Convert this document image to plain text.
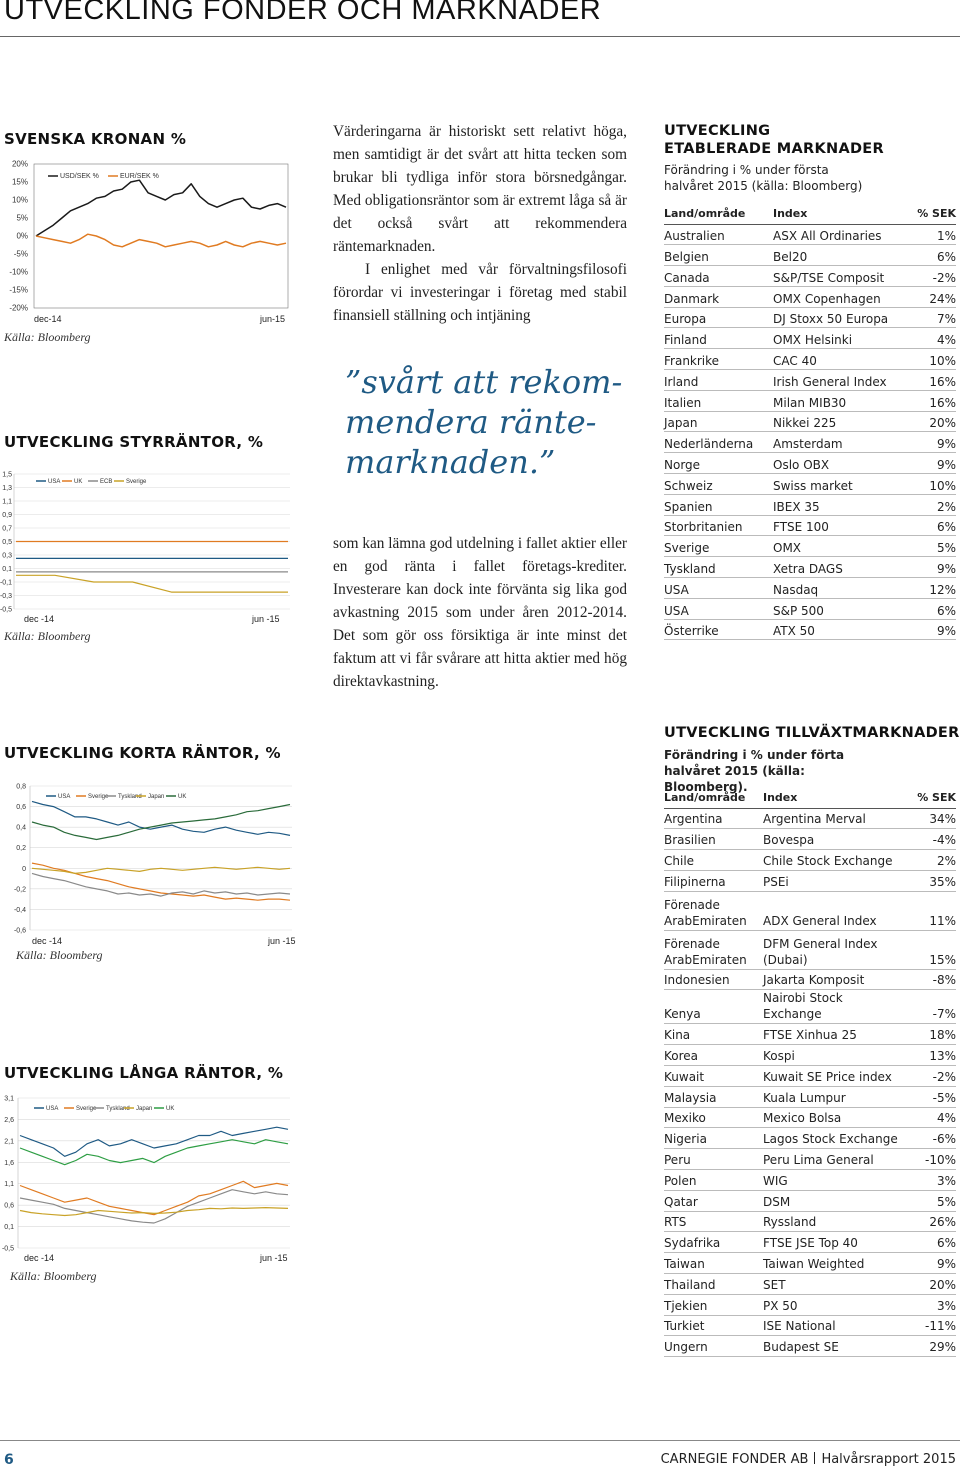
UTVECKLING FONDER OCH MARKNADER
SVENSKA KRONAN %
20%
15%
10%
5%
0%
-5%
-10%
-15%
-20%
dec-14	jun-15
USD/SEK %	EUR/SEK %
Källa: Bloomberg
UTVECKLING STYRRÄNTOR, %
1,5
1,3
1,1
0,9
0,7
0,5
0,3
0,1
-0,1
-0,3
-0,5
dec -14	jun -15
USA UK	ECB Sverige
Källa: Bloomberg
UTVECKLING KORTA RÄNTOR, %
0,8
0,6
0,4
0,2
0
-0,2
-0,4
-0,6
dec -14	jun -15
USA	Sverige Tyskland Japan UK
Källa: Bloomberg
UTVECKLING LÅNGA RÄNTOR, %
3,1
2,6
2,1
1,6
1,1
0,6
0,1
-0,5
dec -14	jun -15
USA	Sverige Tyskland Japan UK
Källa: Bloomberg

Värderingarna är historiskt sett relativt höga, men samtidigt är det svårt att hitta tecken som brukar bli tydliga inför stora börsnedgångar. Med obligationsräntor som är extremt låga så är det också svårt att rekommendera räntemarknaden.

I enlighet med vår förvaltningsfilosofi förordar vi investeringar i företag med stabil finansiell ställning och intjäning

”svårt att rekom-mendera ränte-marknaden.”

som kan lämna god utdelning i fallet aktier eller en god ränta i fallet företags-krediter. Investerare kan dock inte förvänta sig lika god avkastning 2015 som under åren 2012-2014. Det som gör oss försiktiga är inte minst det faktum att vi får svårare att hitta aktier med hög direktavkastning.

UTVECKLING
ETABLERADE MARKNADER
Förändring i % under första halvåret 2015 (källa: Bloomberg)
Land/område	Index	% SEK
Australien	ASX All Ordinaries	1%
Belgien	Bel20	6%
Canada	S&P/TSE Composit	-2%
Danmark	OMX Copenhagen	24%
Europa	DJ Stoxx 50 Europa	7%
Finland	OMX Helsinki	4%
Frankrike	CAC 40	10%
Irland	Irish General Index	16%
Italien	Milan MIB30	16%
Japan	Nikkei 225	20%
Nederländerna	Amsterdam	9%
Norge	Oslo OBX	9%
Schweiz	Swiss market	10%
Spanien	IBEX 35	2%
Storbritanien	FTSE 100	6%
Sverige	OMX	5%
Tyskland	Xetra DAGS	9%
USA	Nasdaq	12%
USA	S&P 500	6%
Österrike	ATX 50	9%
UTVECKLING TILLVÄXTMARKNADER
Förändring i % under förta halvåret 2015 (källa: Bloomberg).
Land/område	Index	% SEK
Argentina	Argentina Merval	34%
Brasilien	Bovespa	-4%
Chile	Chile Stock Exchange	2%
Filipinerna	PSEi	35%
Förenade ArabEmiraten	ADX General Index	11%
Förenade ArabEmiraten	DFM General Index (Dubai)	15%
Indonesien	Jakarta Komposit	-8%
Kenya	Nairobi Stock Exchange	-7%
Kina	FTSE Xinhua 25	18%
Korea	Kospi	13%
Kuwait	Kuwait SE Price index	-2%
Malaysia	Kuala Lumpur	-5%
Mexiko	Mexico Bolsa	4%
Nigeria	Lagos Stock Exchange	-6%
Peru	Peru Lima General	-10%
Polen	WIG	3%
Qatar	DSM	5%
RTS	Ryssland	26%
Sydafrika	FTSE JSE Top 40	6%
Taiwan	Taiwan Weighted	9%
Thailand	SET	20%
Tjekien	PX 50	3%
Turkiet	ISE National	-11%
Ungern	Budapest SE	29%
6	CARNEGIE FONDER AB Halvårsrapport 2015
